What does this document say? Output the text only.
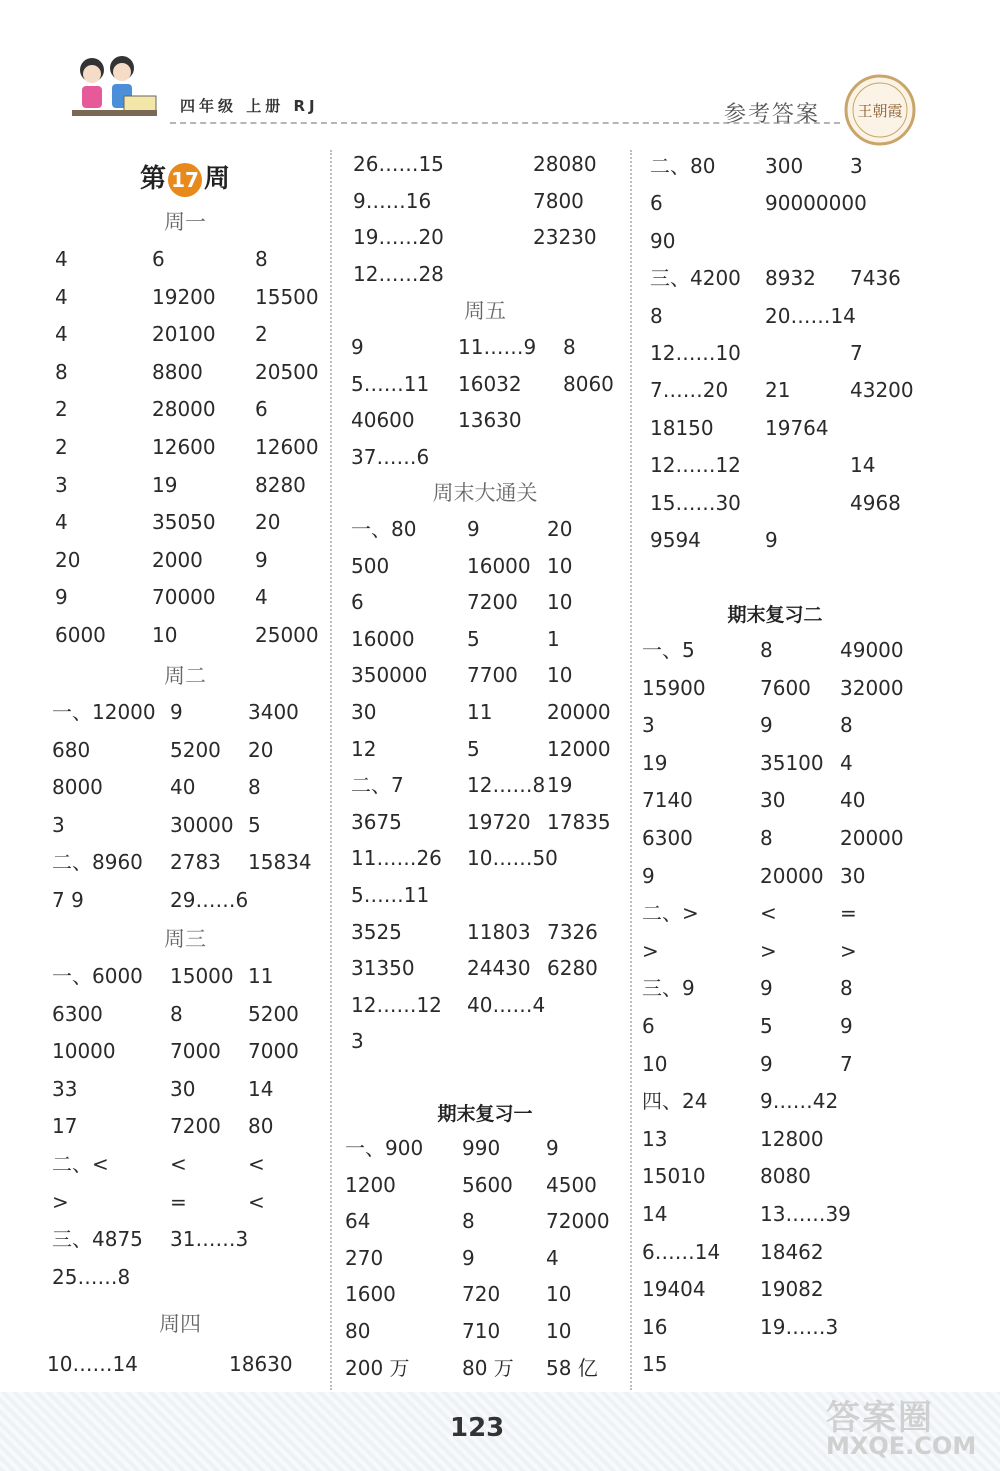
四年级 上册 RJ	参考答案 王朝霞
第 17 周
周一
4	6	8
4	19200 15500
4	20100 2
8	8800	20500
2	28000 6
2	12600 12600
3	19	8280
4	35050 20
20	2000	9
9	70000 4
6000 10	25000
周二
一、12000 9	3400
680	5200 20
8000	40	8
3	30000 5
二、8960 2783 15834
7 9	29……6
周三
一、6000 15000 11
6300	8	5200
10000	7000 7000
33	30	14
17	7200 80
二、<	<	<
>	=	<
三、4875 31……3
25……8
周四
10……14	18630
26……15	28080
9……16	7800
19……20	23230
12……28
周五
9	11……9 8
5……11 16032 8060
40600 13630
37……6
周末大通关
一、80	9	20
500	16000 10
6	7200 10
16000	5	1
350000 7700 10
30	11	20000
12	5	12000
二、7	12……8 19
3675	19720 17835
11……26 10……50
5……11
3525	11803 7326
31350	24430 6280
12……12 40……4
3
期末复习一
一、900 990 9
1200	5600 4500
64	8	72000
270	9	4
1600	720 10
80	710 10
200 万	80 万 58 亿
二、80 300 3
6	90000000
90
三、4200 8932 7436
8	20……14
12……10	7
7……20 21	43200
18150	19764
12……12	14
15……30	4968
9594	9
期末复习二
一、5	8	49000
15900	7600 32000
3	9	8
19	35100 4
7140	30	40
6300	8	20000
9	20000 30
二、>	<	=
>	>	>
三、9	9	8
6	5	9
10	9	7
四、24	9……42
13	12800
15010	8080
14	13……39
6……14 18462
19404	19082
16	19……3
15
123	答案圈
MXQE.COM
